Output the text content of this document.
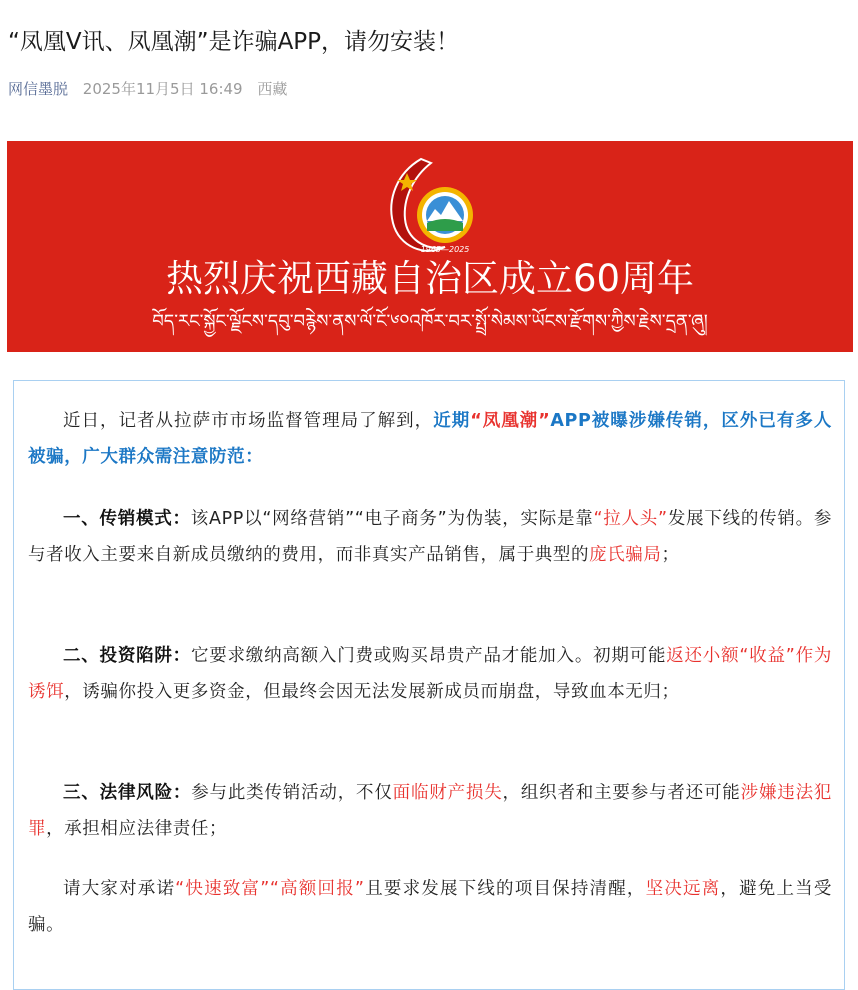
“凤凰V讯、凤凰潮”是诈骗APP，请勿安装！
网信墨脱 2025年11月5日 16:49 西藏
1965—2025
热烈庆祝西藏自治区成立60周年
བོད་རང་སྐྱོང་ལྗོངས་དབུ་བརྙེས་ནས་ལོ་ངོ་༦༠འཁོར་བར་སྤྲོ་སེམས་ཡོངས་རྫོགས་ཀྱིས་རྗེས་དྲན་ཞུ།
近日，记者从拉萨市市场监督管理局了解到，近期“凤凰潮”APP被曝涉嫌传销，区外已有多人被骗，广大群众需注意防范：
一、传销模式：该APP以“网络营销”“电子商务”为伪装，实际是靠“拉人头”发展下线的传销。参与者收入主要来自新成员缴纳的费用，而非真实产品销售，属于典型的庞氏骗局；
二、投资陷阱：它要求缴纳高额入门费或购买昂贵产品才能加入。初期可能返还小额“收益”作为诱饵，诱骗你投入更多资金，但最终会因无法发展新成员而崩盘，导致血本无归；
三、法律风险：参与此类传销活动，不仅面临财产损失，组织者和主要参与者还可能涉嫌违法犯罪，承担相应法律责任；
请大家对承诺“快速致富”“高额回报”且要求发展下线的项目保持清醒，坚决远离，避免上当受骗。
